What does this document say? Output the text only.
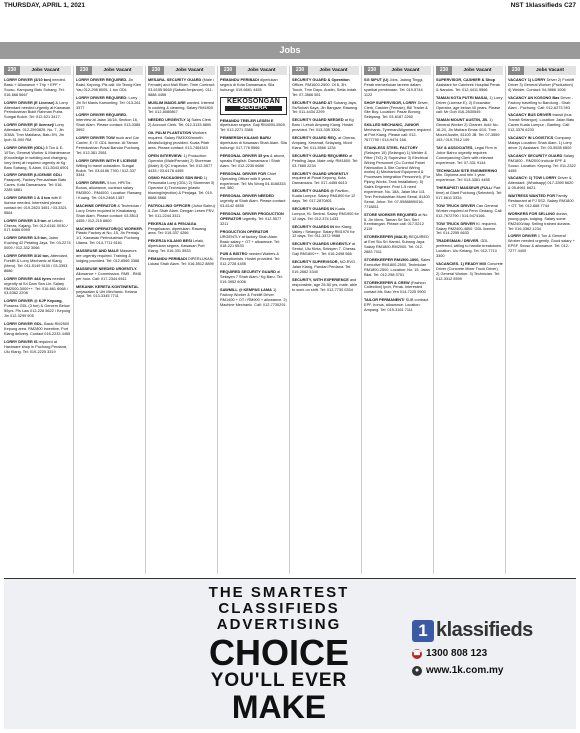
THURSDAY, APRIL 1, 2021	NST 1klassifieds C27
Jobs
230	Jobs Vacant
LORRY DRIVER (3/10 ton) needed. Basic + Allowance + Trip + EPF + Socso. Kampung Batu Subang. Tel: 016-668 5667
LORRY DRIVER (E License) & Lorry Attendant needed urgently at Kawasan Perindustrian Bukit Rahman Putra. Sungai Buloh. Tel: 012-521 3417.
LORRY DRIVER (E license)/ Lorry Attendant. 012-2593825. No. 7, Jln 3/38A, Tmn Maidiana, Batu 5½, Jln Ipoh 31,000 RM.
LORRY DRIVER (GDL) 5 Ton & E-10Ton, General Worker & Maintenance (Knowledge in welding and changing lorry tires) at required urgently at Kg Baru Subang, S.Alam. 011-5043 6901
LORRY DRIVER (LICENSE GDL/ Passport). Factory Perusahaan Batu Caves. Kota Damansara. Tel: 016-2285 6881
LORRY DRIVER 1 & 3 ton with E license needed. Interested please contact tel: 019-2823 3451 / 03-3321 5564
LORRY DRIVER 3-5 ton at Lebuh Cheras, Kajang. Tel: 012-6161 0030 / 017-6466 6999
LORRY DRIVER 3-5 ton, Jalan Kuching 42 Petaling Jaya. Tel: 03-2274 0009 / 012-332 3066
LORRY DRIVER 3/10 ton, Attendant, Forklift & Lorry Mechanic at Klang (Meru). Tel: 011-5149 5100 / 03-3393 8686
LORRY DRIVER 4&6 tyres needed urgently at Sri Dam Sea Lin. Salary RM2000-3000++. Tel: 016-661 6068 / 03-5362 2208
LORRY DRIVER @ KJP Kepong, Possess GDL (3 ton) & Gercern Below 50yrs. Pls Law 012-228 5622 / Kepong Jln 012-3299 905
LORRY DRIVER GDL. Basic RM2500 Kepong area. RM2800 incentive, Port Klang delivery. Contact 016-2233 4455
LORRY DRIVER IS required at Hardware shop in Puchong Perdana, Ulu Klang. Tel: 019-2225 3319
230	Jobs Vacant
LORRY DRIVER REQUIRED. Jln Balai, Kepong. Pls call: Mr Teong Kien Yau 012-298 8005. 1 ton GDL
LORRY DRIVER REQUIRED: Lorry Jln Sri Manis Kamunting. Tel: 013-261 3377
LORRY DRIVER REQUIRED. Interview at Jalan 16/18, Section 16, Shah Alam. Please contact: 013-3385 3992
LORRY DRIVER TOW truck and Car Carrier, E / E GDL license. At Taman Perindustrian Pusat Bandar Puchong. Tel: 012-381 2551
LORRY DRIVER WITH E LICENSE Willing to travel outstation. Sungai Buloh. Tel: 03-6156 7760 / 012-337 3344
LORRY DRIVER- 5 ton, HPI/Tor. Bonus, allowance, contract salary RM3500 - RM4000. Location: Rawang / Kuang. Tel: 019-2468 1357
MACHINE OPERATOR & Technician / Lorry Driver required in Kinabatang Shah Alam. Please contact: 03-5513 4455 / 012-215 8800
MACHINE OPERATOR/QC WORKER. Plastic Factory at No. 15, Jln Pemaju 1/1, Kawasan Perindustrian Puchong Utama. Tel: 014-7711 6161
MASSEUSE AND MALE Masseurs are urgently required. Training & lodging provided. Tel: 012-6566 3388
MASSEUSE NEEDED URGENTLY. Allowance + Commission. RM5 - RM8 per hour. Call: 017-2344 6511
MEKANIK KERETA KONTINENTAL perjawatan & Ubi Mechanic. Kelana Jaya. Tel: 013-3345 7711
230	Jobs Vacant
MESARA. SECURITY GUARD (Male / Female) and Mail Rider. Time Contract: 03-6155 5669 (Sabah/Jenjarom). 011-5888 4455
MUSLIM MAIDS ARE wanted. Interest in cooking & cleaning. Salary RM1800. Tel: 012-6080867
NEEDED URGENTLY 1) Sales Clerk 2) Account Clerk. Tel: 012-3133 8890
OIL PALM PLANTATION Workers required. Salary RM3000/month. Meals/lodging provided. Kuala Pilah area. Please contact: 013-7464343
OPEN INTERVIEW: 1) Production Operator (Male/Female) 2) Storeman (Male) 3) QC Inspector. Tel: 012-5577 4433 / 03-6178 4455
OSMO PACKAGING SDN BHD 1) Personalia Lorry (GDL) 2) Storeman 3) Operator 4) Technician (plastic blowing/injection) & Penjaga. Tel: 019-6688 5566
PATROLLING OFFICER (Johor Bahru) & Zon Shah Alam. Dengan Lesen PSV. Tel: 011-2244 3311
PEKERJA AM & PENJAGA Pengeluaran, diperlukan. Rawang area. Tel: 019-337 4266
PEKERJA KILANG BESI Lelaki, diperlukan segera, Kawasan Port Klang. Tel: 016-331 5533
PEMANDU PERIBADI DIPERLUKAN. Lokasi Shah Alam. Tel: 016-5512 8899
230	Jobs Vacant
PEMANDU PERIBADI diperlukan segera di Kota Damansara. Sila hubungi: 019-6661 4455
KEKOSONGAN
SEGERA
PEMANDU TRELER LESEN E diperlukan segera. Gaji RM4000-5500. Tel: 012-2271 3366
PEMBERSIH KILANG BARU diperlukan di Kawasan Shah Alam. Sila hubungi: 017-776 5566
PERSONAL DRIVER 35 yrs & above, speaks English. Damansara / Shah Alam. Tel: 012-2235 6688
PERSONAL DRIVER FOR Chief Operating Officer with 5 years experience. Tel: Ms Wong 04-6166333 ext. 580
PERSONAL DRIVER NEEDED urgently at Shah Alam. Please contact: 03-6142 4555
PERSONAL DRIVER PRODUCTION OPERATOR urgently. Tel: 012-5577 3211
PRODUCTION OPERATOR URGENTLY at factory Shah Alam. Basic salary + OT + allowance. Tel: 018-221 5533
PUB & BISTRO needed Waiters & Receptionists. Hostel provided. Tel: 012-2728 4455
REQUIRED SECURITY GUARD at Seksyen 7 Shah Alam / Kg Baru. Tel: 019-3952 6006
SAWMILL @ KEMPAS LAMA 1) Factory Worker & Forklift Driver. RM1400 + OT / RM900 + allowance. 2) Machine Mechanic. Call: 012-7730291.
230	Jobs Vacant
SECURITY GUARD & Operation Officer. RM1600-2500. Ot 8, 3H. Touch, Tmn Dayu, Austin, Setia Indah. Tel: 07-3566 551
SECURITY GUARD AT Subang Jaya, Ss/Subah Kaya, Jln Bangsar, Rawang. Tel: 011-4434 2299
SECURITY GUARD NEEDED at Kg Baru / Lebuh Ampang Klang. Hostel provided. Tel: 013-335 3306
SECURITY GUARD REQ. at Cheras, Ampang, Keramat, Selayang, Mont Kiara. Tel: 011-5566 1234
SECURITY GUARD REQUIRED at Petaling Jaya. Male only. RM1800. Tel: 03-7665 2234
SECURITY GUARD URGENTLY required at Pusat Kepong, Kota Damansara. Tel: 017-4455 6613
SECURITY GUARDS @ Pavilion, Kuala Lumpur. Salary RM1800 for 12 days. Tel: 017-2870801
SECURITY GUARDS IN Kuala Lumpur, KL Sentral. Salary RM1900 for 12 days. Tel: 012-374 1433
SECURITY GUARDS IN the Klang Valley / Selangor. Salary RM1970 for 12 days. Tel: 011-3372 9988
SECURITY GUARDS URGENTLY at Sentul, Ulu Kinta, Seksyen 7, Cheras. Gaji RM1800++. Tel: 016-2498 566
SECURITY SUPERVISOR, NO-RVG. Jalan Klang, Pandan Perdana. Tel: 019-2662 3340
SECURITY, WITH EXPERIENCE and responsible, age 25-50 yrs, male, able to work on shift. Tel: 012-7730 0334
230	Jobs Vacant
SG SIPUT (U) Jobs, Jalang Tinggi, Perak memerlukan lanrem dalam syarikat pembinaan. Tel: 019-5744 1122
SHOP SUPERVISOR, LORRY Driver, Clerk, Cashier (Female), Bill Trader & Site Boy. Location: Pasar Borong Selayang. Tel: 03-6187 2260
SKILLED MECHANIC, JUNIOR Mechanic, Tyreman/Alignment required at Port Klang. Please call: 012-7677790 / 014-9474 166.
STAINLESS STEEL FACTORY (Seksyen 15) (Selangor) 1) Welder & Fitter (TIG) 2) Supervisor 3) Electrical Wiring Personnel (Co Control Panel Fabrication & Site Control Wiring works) 4) Mechanical Equipment & Processes Integration Personnel). (For Piping Works, Tank Installation). 5) Sales Engineer. Post 1-5 need experience. No. 18A, Jalan Mur 1/3, Tmn Perindustrian Murni Senai, 81400 Senai, Johor. Tel: 07-5988899/016-7718811
STORE WORKER REQUIRED at No 5, Jln Meru, Taman Sri Tari, Seri Kembangan. Please call: 017-5212 2119
STOREKEEPER (MALE) REQUIRED at Emi Sto Sri Hamid, Subang Jaya. Salary RM1800-RM2000. Tel: 012-2883 7011
STOREKEEPER RM1500-1800, Sales Executive RM1800-2500, Technician RM1800-2500. Location: No. 15, Jalan Bilal. Tel: 012-258 3751
STOREKEEPER & CREW (Fashion Collection) Ipoh, Perak. Interested contact Ms Xiao Yen 014-7225 9900
TAILOR PERMANENT/ SUB contract. EPF, bonus, allowance. Location: Ampang. Tel: 019-3161 7111
230	Jobs Vacant
SUPERVISOR, CASHIER & Shop Assistant for Cambrek Hospital Perak & Nandos. Tel: 012-4411 5566
TAMAN KOTA PUTRI MASAI, 1) Lorry Driver (License E), 2) Excavator Operator, age below 40 years. Please call: Mr Goh 016-2530549.
TAMAN MOUNT AUSTIN, JB. 1) General Worker 2) Cleaner. Add: No. 16-20, Jln Mutiara Emas 4/10, Tmn Mount Austin, 81100 JB. Tel: 07-3559 193 / 019-7512 199
TAY & ASSOCIATES, Legal Firm in Johor Bahru urgently requires Conveyancing Clerk with relevant experience. Tel: 07-331 9144
TECHNICIAN SITE ENGINEERING Min. Diploma and min 1 year experience. Tel: 013-3361 4455
THERAPIST/ MASSEUR (FULL/ Part time) at Giant Puchong (Selected). Tel: 017-6611 3334
TOW TRUCK DRIVER Can General Worker required at Penn Gedang. Call: 012-7672790 / 014-9474166.
TOW TRUCK DRIVER Kl. required. Salary RM2400-4800. GDL licence. Tel: 014-2255 6633
TRADESMAN / DRIVER. GDL preferred, willing to handle breakdown. Location: Ulu Kelang. Tel: 012-7710 3300
VACANCIES. 1) READY MIX Concrete Driver (Concrete Mixer Truck Driver). 2) General Worker. 3) Technician. Tel: 012-3312 5599
230	Jobs Vacant
VACANCY 1) LORRY Driver 2) Forklift Driver 3) General Worker (Production) 4) Welder. Contact: 04-9866 1006
VACANCY AN KOSONG Bas Driver - Factory travelling to Bandung - Shah Alam - Puchong. Call: 012-6273 393
VACANCY BUS DRIVER transit (bus Transit Selangor). Location: Jalan Batu Caves Kuala Lumpur - Banting. Call: 012-3376 6233
VACANCY IN LOGISTICS Company Malays Location: Shah Alam. 1) Lorry driver 2) Assistant. Tel: 03-5535 6500
VACANCY SECURITY GUARD Salary RM1800 - RM2000 include EPF & Socso. Location: Kepong. Tel: 011-2322 4455
VACANCY: 1) TOW LORRY Driver & Attendant. (Whatsapp) 017-3390 6620 & 05-8961 6621.
WAITRESS WANTED FOR Family Restaurant at PJ SS2. Salary RM1800 + OT. Tel: 012-668 7744
WORKERS FOR SELLING durian, young guys, lodging. Salary some RM2400/day. Selling trained durians. Tel: 016-3362 1234
LORRY DRIVER 1 Ton & General Worker needed urgently. Good salary + EPSF. Socso & allowance. Tel: 012-7277 4400
THE SMARTEST
CLASSIFIEDS
ADVERTISING
CHOICE
YOU'LL EVER
MAKE
1 klassifieds
☎ 1300 808 123
● www.1k.com.my
